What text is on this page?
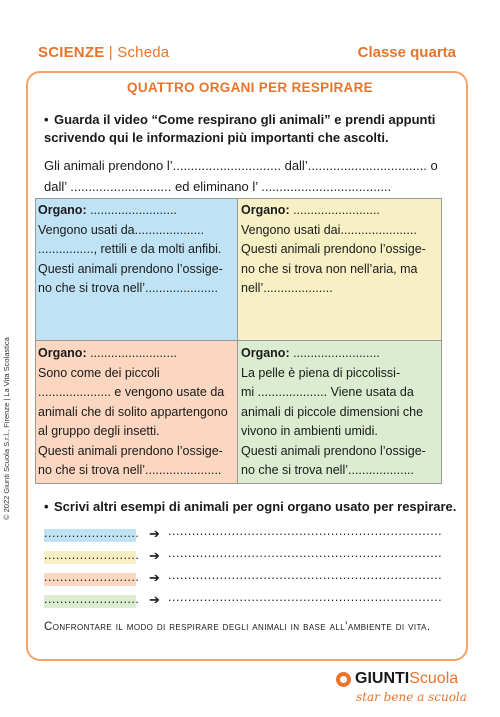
SCIENZE | Scheda	Classe quarta
QUATTRO ORGANI PER RESPIRARE
• Guarda il video “Come respirano gli animali” e prendi appunti scrivendo qui le informazioni più importanti che ascolti.
Gli animali prendono l’.............................. dall’................................. o
dall’ ............................ ed eliminano l’ ....................................
Organo: .........................
Vengono usati da....................
................, rettili e da molti anfibi.
Questi animali prendono l’ossige-
no che si trova nell’.....................
Organo: .........................
Vengono usati dai......................
Questi animali prendono l’ossige-
no che si trova non nell’aria, ma
nell’....................
Organo: .........................
Sono come dei piccoli
..................... e vengono usate da
animali che di solito appartengono
al gruppo degli insetti.
Questi animali prendono l’ossige-
no che si trova nell’......................
Organo: .........................
La pelle è piena di piccolissi-
mi .................... Viene usata da
animali di piccole dimensioni che
vivono in ambienti umidi.
Questi animali prendono l’ossige-
no che si trova nell’...................
• Scrivi altri esempi di animali per ogni organo usato per respirare.
........................ ➔ .....................................................................
........................ ➔ .....................................................................
........................ ➔ .....................................................................
........................ ➔ .....................................................................
Confrontare il modo di respirare degli animali in base all’ambiente di vita.
© 2022 Giunti Scuola S.r.l., Firenze | La Vita Scolastica
GIUNTI Scuola
star bene a scuola
